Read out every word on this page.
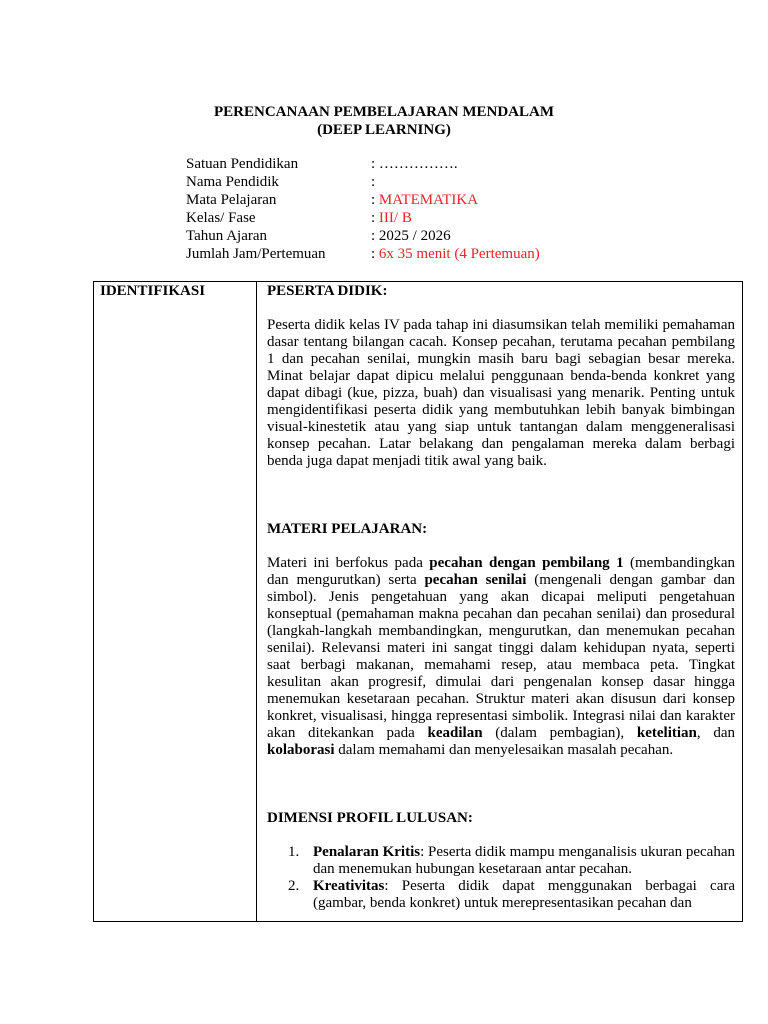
PERENCANAAN PEMBELAJARAN MENDALAM
(DEEP LEARNING)
Satuan Pendidikan	: …………….
Nama Pendidik	:
Mata Pelajaran	: MATEMATIKA
Kelas/ Fase	: III/ B
Tahun Ajaran	: 2025 / 2026
Jumlah Jam/Pertemuan	: 6x 35 menit (4 Pertemuan)
IDENTIFIKASI	PESERTA DIDIK:

Peserta didik kelas IV pada tahap ini diasumsikan telah memiliki pemahaman dasar tentang bilangan cacah. Konsep pecahan, terutama pecahan pembilang 1 dan pecahan senilai, mungkin masih baru bagi sebagian besar mereka. Minat belajar dapat dipicu melalui penggunaan benda-benda konkret yang dapat dibagi (kue, pizza, buah) dan visualisasi yang menarik. Penting untuk mengidentifikasi peserta didik yang membutuhkan lebih banyak bimbingan visual-kinestetik atau yang siap untuk tantangan dalam menggeneralisasi konsep pecahan. Latar belakang dan pengalaman mereka dalam berbagi benda juga dapat menjadi titik awal yang baik.

MATERI PELAJARAN:

Materi ini berfokus pada pecahan dengan pembilang 1 (membandingkan dan mengurutkan) serta pecahan senilai (mengenali dengan gambar dan simbol). Jenis pengetahuan yang akan dicapai meliputi pengetahuan konseptual (pemahaman makna pecahan dan pecahan senilai) dan prosedural (langkah-langkah membandingkan, mengurutkan, dan menemukan pecahan senilai). Relevansi materi ini sangat tinggi dalam kehidupan nyata, seperti saat berbagi makanan, memahami resep, atau membaca peta. Tingkat kesulitan akan progresif, dimulai dari pengenalan konsep dasar hingga menemukan kesetaraan pecahan. Struktur materi akan disusun dari konsep konkret, visualisasi, hingga representasi simbolik. Integrasi nilai dan karakter akan ditekankan pada keadilan (dalam pembagian), ketelitian, dan kolaborasi dalam memahami dan menyelesaikan masalah pecahan.

DIMENSI PROFIL LULUSAN:

1. Penalaran Kritis: Peserta didik mampu menganalisis ukuran pecahan dan menemukan hubungan kesetaraan antar pecahan.
2. Kreativitas: Peserta didik dapat menggunakan berbagai cara (gambar, benda konkret) untuk merepresentasikan pecahan dan
